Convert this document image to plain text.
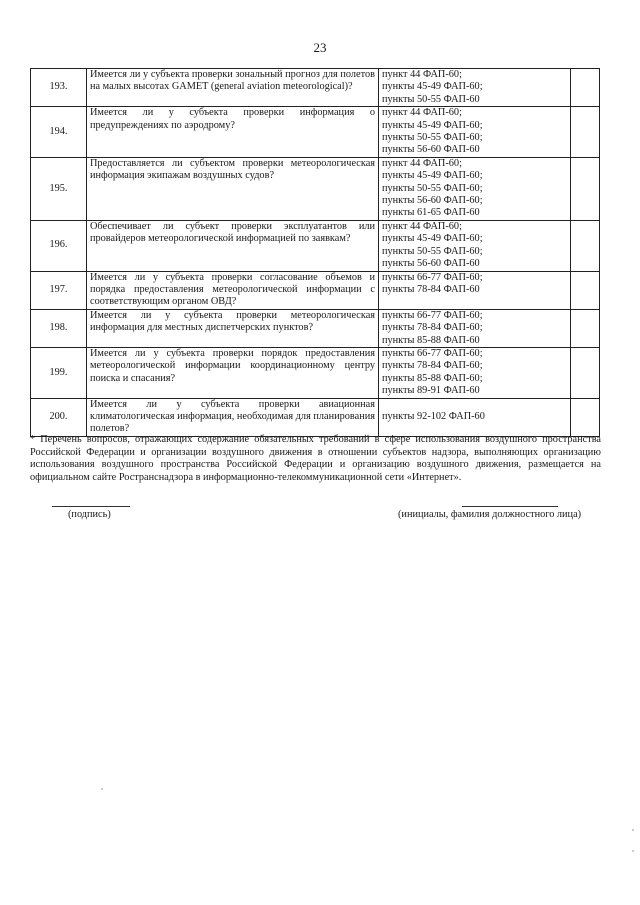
23
193.	Имеется ли у субъекта проверки зональный прогноз для полетов на малых высотах GAMET (general aviation meteorological)?	пункт 44 ФАП-60;
пункты 45-49 ФАП-60;
пункты 50-55 ФАП-60	

194.	Имеется ли у субъекта проверки информация о предупреждениях по аэродрому?	пункт 44 ФАП-60;
пункты 45-49 ФАП-60;
пункты 50-55 ФАП-60;
пункты 56-60 ФАП-60	

195.	Предоставляется ли субъектом проверки метеорологическая информация экипажам воздушных судов?	пункт 44 ФАП-60;
пункты 45-49 ФАП-60;
пункты 50-55 ФАП-60;
пункты 56-60 ФАП-60;
пункты 61-65 ФАП-60	

196.	Обеспечивает ли субъект проверки эксплуатантов или провайдеров метеорологической информацией по заявкам?	пункт 44 ФАП-60;
пункты 45-49 ФАП-60;
пункты 50-55 ФАП-60;
пункты 56-60 ФАП-60	

197.	Имеется ли у субъекта проверки согласование объемов и порядка предоставления метеорологической информации с соответствующим органом ОВД?	пункты 66-77 ФАП-60;
пункты 78-84 ФАП-60	

198.	Имеется ли у субъекта проверки метеорологическая информация для местных диспетчерских пунктов?	пункты 66-77 ФАП-60;
пункты 78-84 ФАП-60;
пункты 85-88 ФАП-60	

199.	Имеется ли у субъекта проверки порядок предоставления метеорологической информации координационному центру поиска и спасания?	пункты 66-77 ФАП-60;
пункты 78-84 ФАП-60;
пункты 85-88 ФАП-60;
пункты 89-91 ФАП-60	

200.	Имеется ли у субъекта проверки авиационная климатологическая информация, необходимая для планирования полетов?	пункты 92-102 ФАП-60	

* Перечень вопросов, отражающих содержание обязательных требований в сфере использования воздушного пространства Российской Федерации и организации воздушного движения в отношении субъектов надзора, выполняющих организацию использования воздушного пространства Российской Федерации и организацию воздушного движения, размещается на официальном сайте Ространснадзора в информационно-телекоммуникационной сети «Интернет».
(подпись)	(инициалы, фамилия должностного лица)
